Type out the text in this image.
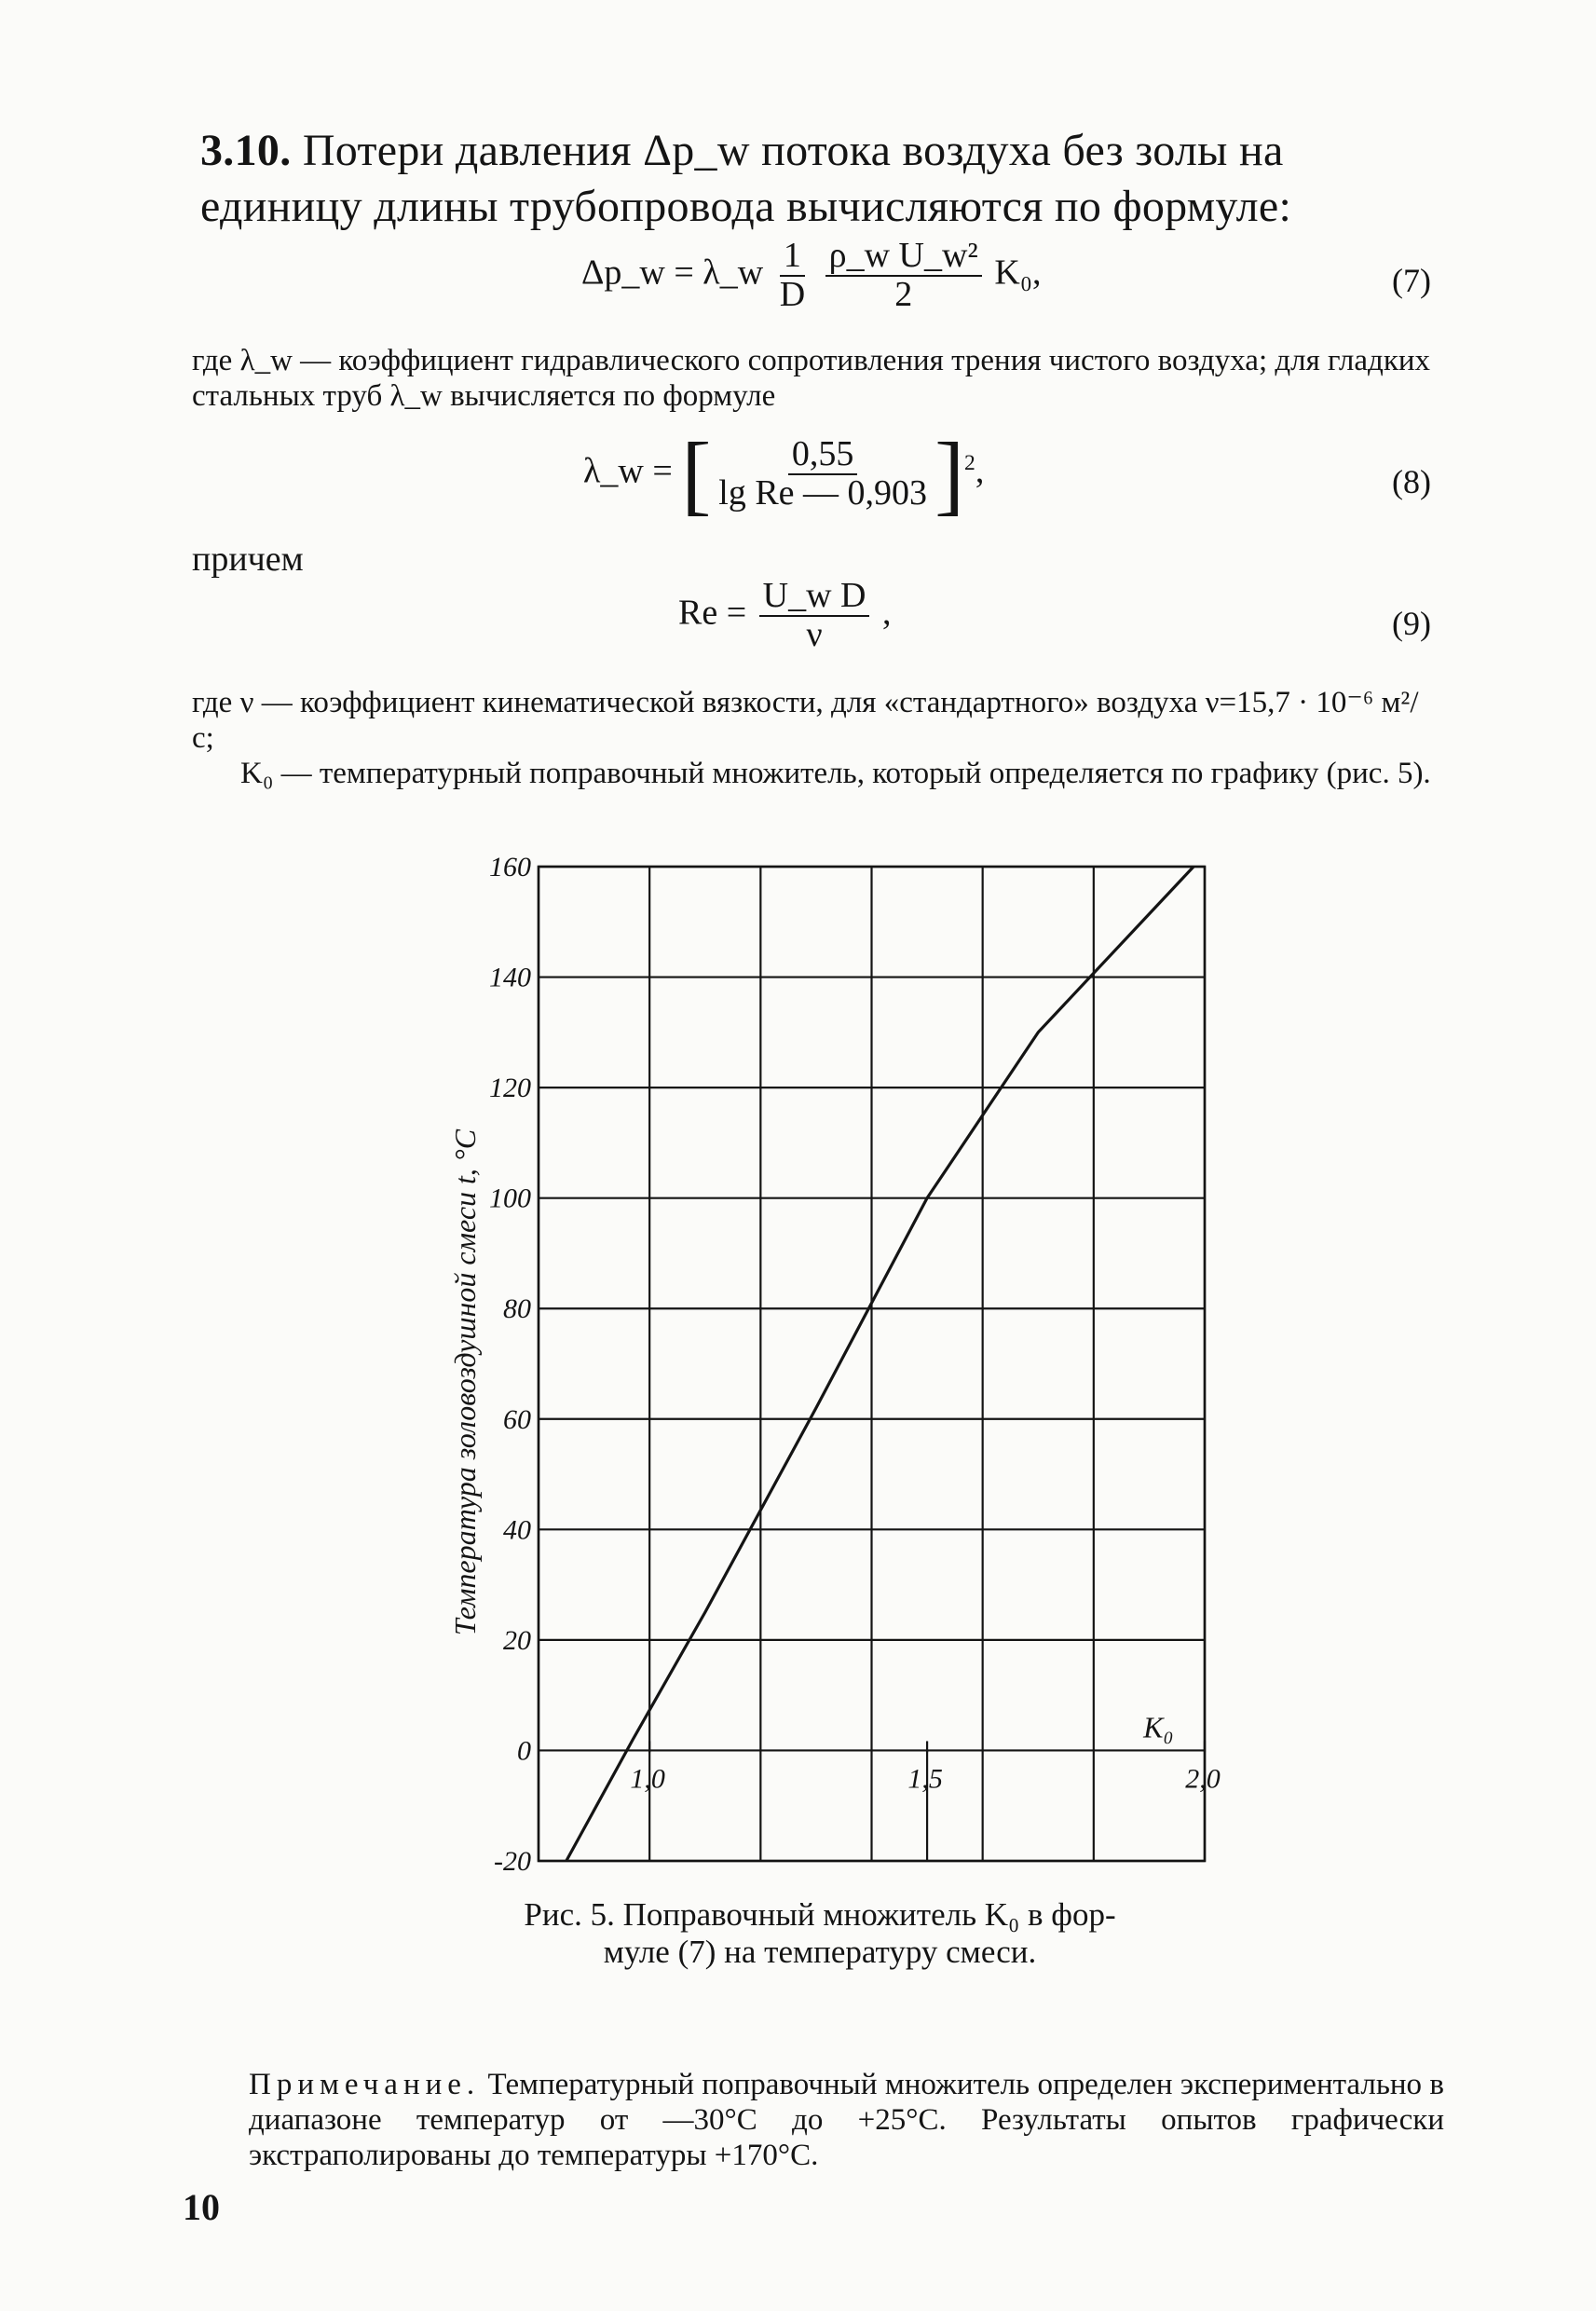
3.10. Потери давления Δp_w потока воздуха без золы на единицу длины трубопровода вычисляются по формуле:
Δp_w = λ_w $\frac{1}{D}$
$\frac{\text{ρ\_w U\_w²}}{2} K_0$,	(7)
где λ_w — коэффициент гидравлического сопротивления трения чистого воздуха; для гладких стальных труб λ_w вычисляется по формуле
λ_w = [ $\frac{0,55}{\text{lg Re — 0,903}} ]^2$,	(8)
причем
$Re = \frac{\text{U\_w D}}{\nu}$ ,	(9)
где ν — коэффициент кинематической вязкости, для «стандартного» воздуха ν=15,7 · 10⁻⁶ м²/с;
K₀ — температурный поправочный множитель, который определяется по графику (рис. 5).
160
140
120
100
80
60
40
20
0
-20
1,0	1,5	2,0
Температура золовоздушной смеси t, °C
K₀
Рис. 5. Поправочный множитель K₀ в фор-
муле (7) на температуру смеси.
Примечание. Температурный поправочный множитель определен экспериментально в диапазоне температур от —30°С до +25°С. Результаты опытов графически экстраполированы до температуры +170°С.
10
